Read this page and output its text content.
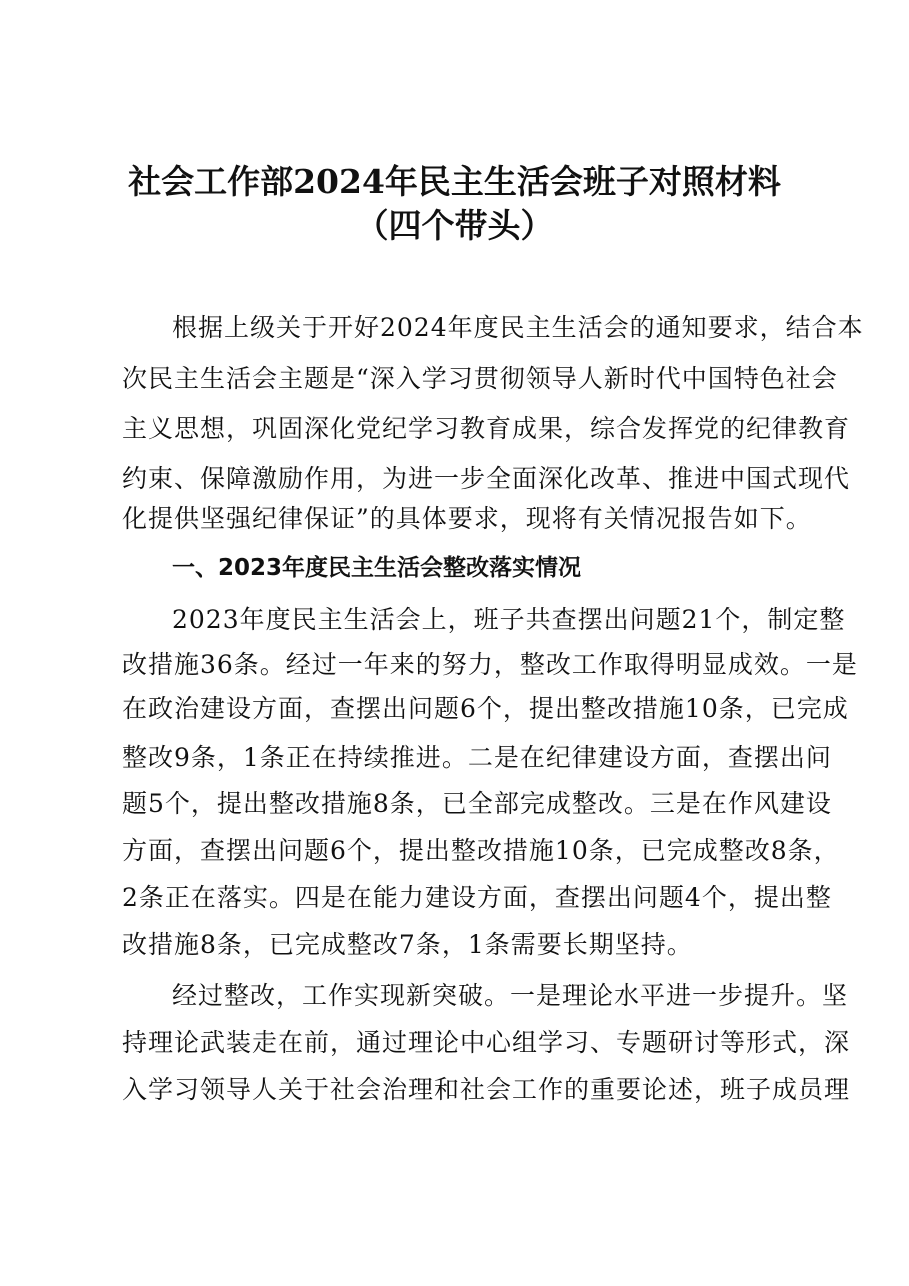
社会工作部2024年民主生活会班子对照材料
（四个带头）
根据上级关于开好2024年度民主生活会的通知要求，结合本
次民主生活会主题是“深入学习贯彻领导人新时代中国特色社会
主义思想，巩固深化党纪学习教育成果，综合发挥党的纪律教育
约束、保障激励作用，为进一步全面深化改革、推进中国式现代
化提供坚强纪律保证”的具体要求，现将有关情况报告如下。
一、2023年度民主生活会整改落实情况
2023年度民主生活会上，班子共查摆出问题21个，制定整
改措施36条。经过一年来的努力，整改工作取得明显成效。一是
在政治建设方面，查摆出问题6个，提出整改措施10条，已完成
整改9条，1条正在持续推进。二是在纪律建设方面，查摆出问
题5个，提出整改措施8条，已全部完成整改。三是在作风建设
方面，查摆出问题6个，提出整改措施10条，已完成整改8条，
2条正在落实。四是在能力建设方面，查摆出问题4个，提出整
改措施8条，已完成整改7条，1条需要长期坚持。
经过整改，工作实现新突破。一是理论水平进一步提升。坚
持理论武装走在前，通过理论中心组学习、专题研讨等形式，深
入学习领导人关于社会治理和社会工作的重要论述，班子成员理
